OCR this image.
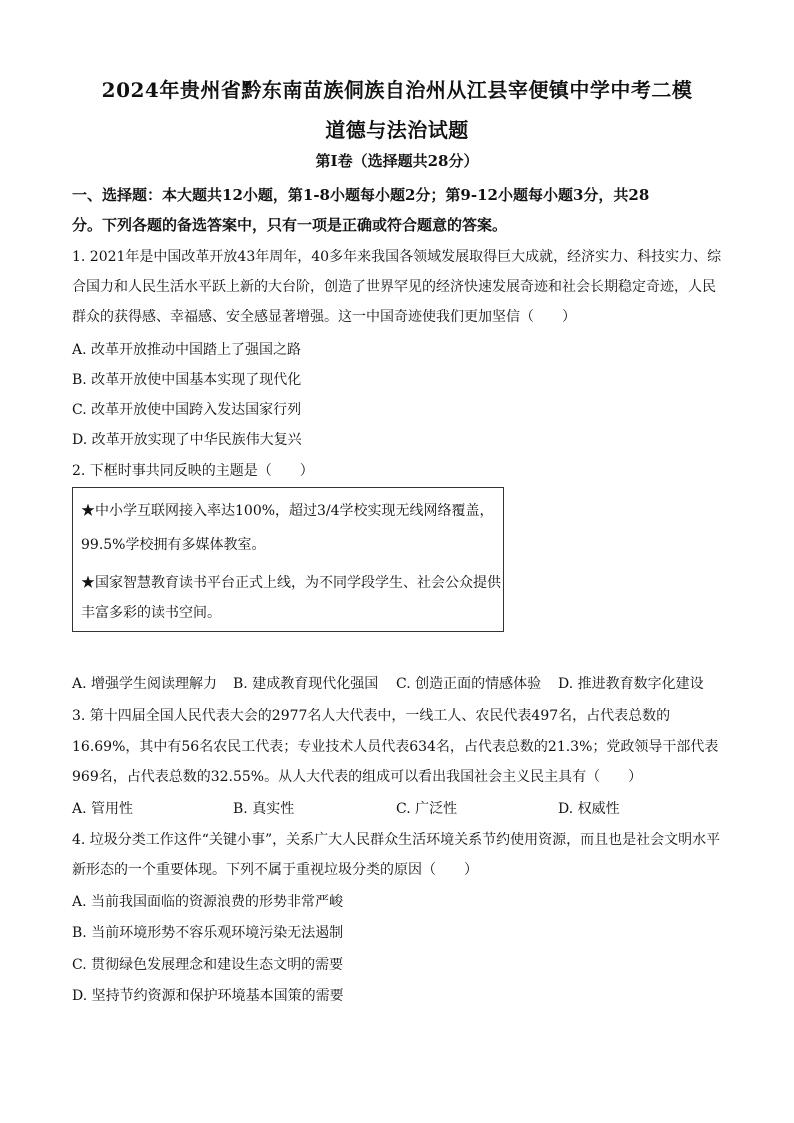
2024年贵州省黔东南苗族侗族自治州从江县宰便镇中学中考二模
道德与法治试题
第Ⅰ卷（选择题共28分）
一、选择题：本大题共12小题，第1-8小题每小题2分；第9-12小题每小题3分，共28
分。下列各题的备选答案中，只有一项是正确或符合题意的答案。
1. 2021年是中国改革开放43年周年，40多年来我国各领域发展取得巨大成就，经济实力、科技实力、综
合国力和人民生活水平跃上新的大台阶，创造了世界罕见的经济快速发展奇迹和社会长期稳定奇迹，人民
群众的获得感、幸福感、安全感显著增强。这一中国奇迹使我们更加坚信（　　）
A. 改革开放推动中国踏上了强国之路
B. 改革开放使中国基本实现了现代化
C. 改革开放使中国跨入发达国家行列
D. 改革开放实现了中华民族伟大复兴
2. 下框时事共同反映的主题是（　　）
★中小学互联网接入率达100%，超过3/4学校实现无线网络覆盖，
99.5%学校拥有多媒体教室。
★国家智慧教育读书平台正式上线，为不同学段学生、社会公众提供
丰富多彩的读书空间。
A. 增强学生阅读理解力 B. 建成教育现代化强国 C. 创造正面的情感体验 D. 推进教育数字化建设
3. 第十四届全国人民代表大会的2977名人大代表中，一线工人、农民代表497名，占代表总数的
16.69%，其中有56名农民工代表；专业技术人员代表634名，占代表总数的21.3%；党政领导干部代表
969名，占代表总数的32.55%。从人大代表的组成可以看出我国社会主义民主具有（　　）
A. 管用性	B. 真实性	C. 广泛性	D. 权威性
4. 垃圾分类工作这件“关键小事”，关系广大人民群众生活环境关系节约使用资源，而且也是社会文明水平
新形态的一个重要体现。下列不属于重视垃圾分类的原因（　　）
A. 当前我国面临的资源浪费的形势非常严峻
B. 当前环境形势不容乐观环境污染无法遏制
C. 贯彻绿色发展理念和建设生态文明的需要
D. 坚持节约资源和保护环境基本国策的需要
